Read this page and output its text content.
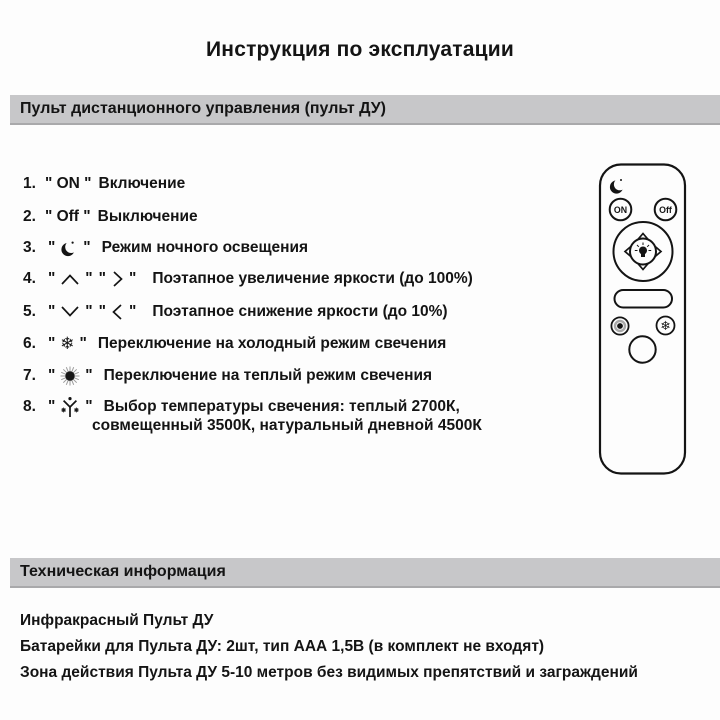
Инструкция по эксплуатации
Пульт дистанционного управления (пульт ДУ)
1. " ON " Включение
2. " Off " Выключение
3. " " Режим ночного освещения
4. " " " " Поэтапное увеличение яркости (до 100%)
5. " " " " Поэтапное снижение яркости (до 10%)
6. " ❄ " Переключение на холодный режим свечения
7. " " Переключение на теплый режим свечения
8. " " Выбор температуры свечения: теплый 2700К,
совмещенный 3500К, натуральный дневной 4500К
ON	Off
❄
Техническая информация
Инфракрасный Пульт ДУ
Батарейки для Пульта ДУ: 2шт, тип ААА 1,5В (в комплект не входят)
Зона действия Пульта ДУ 5-10 метров без видимых препятствий и заграждений
